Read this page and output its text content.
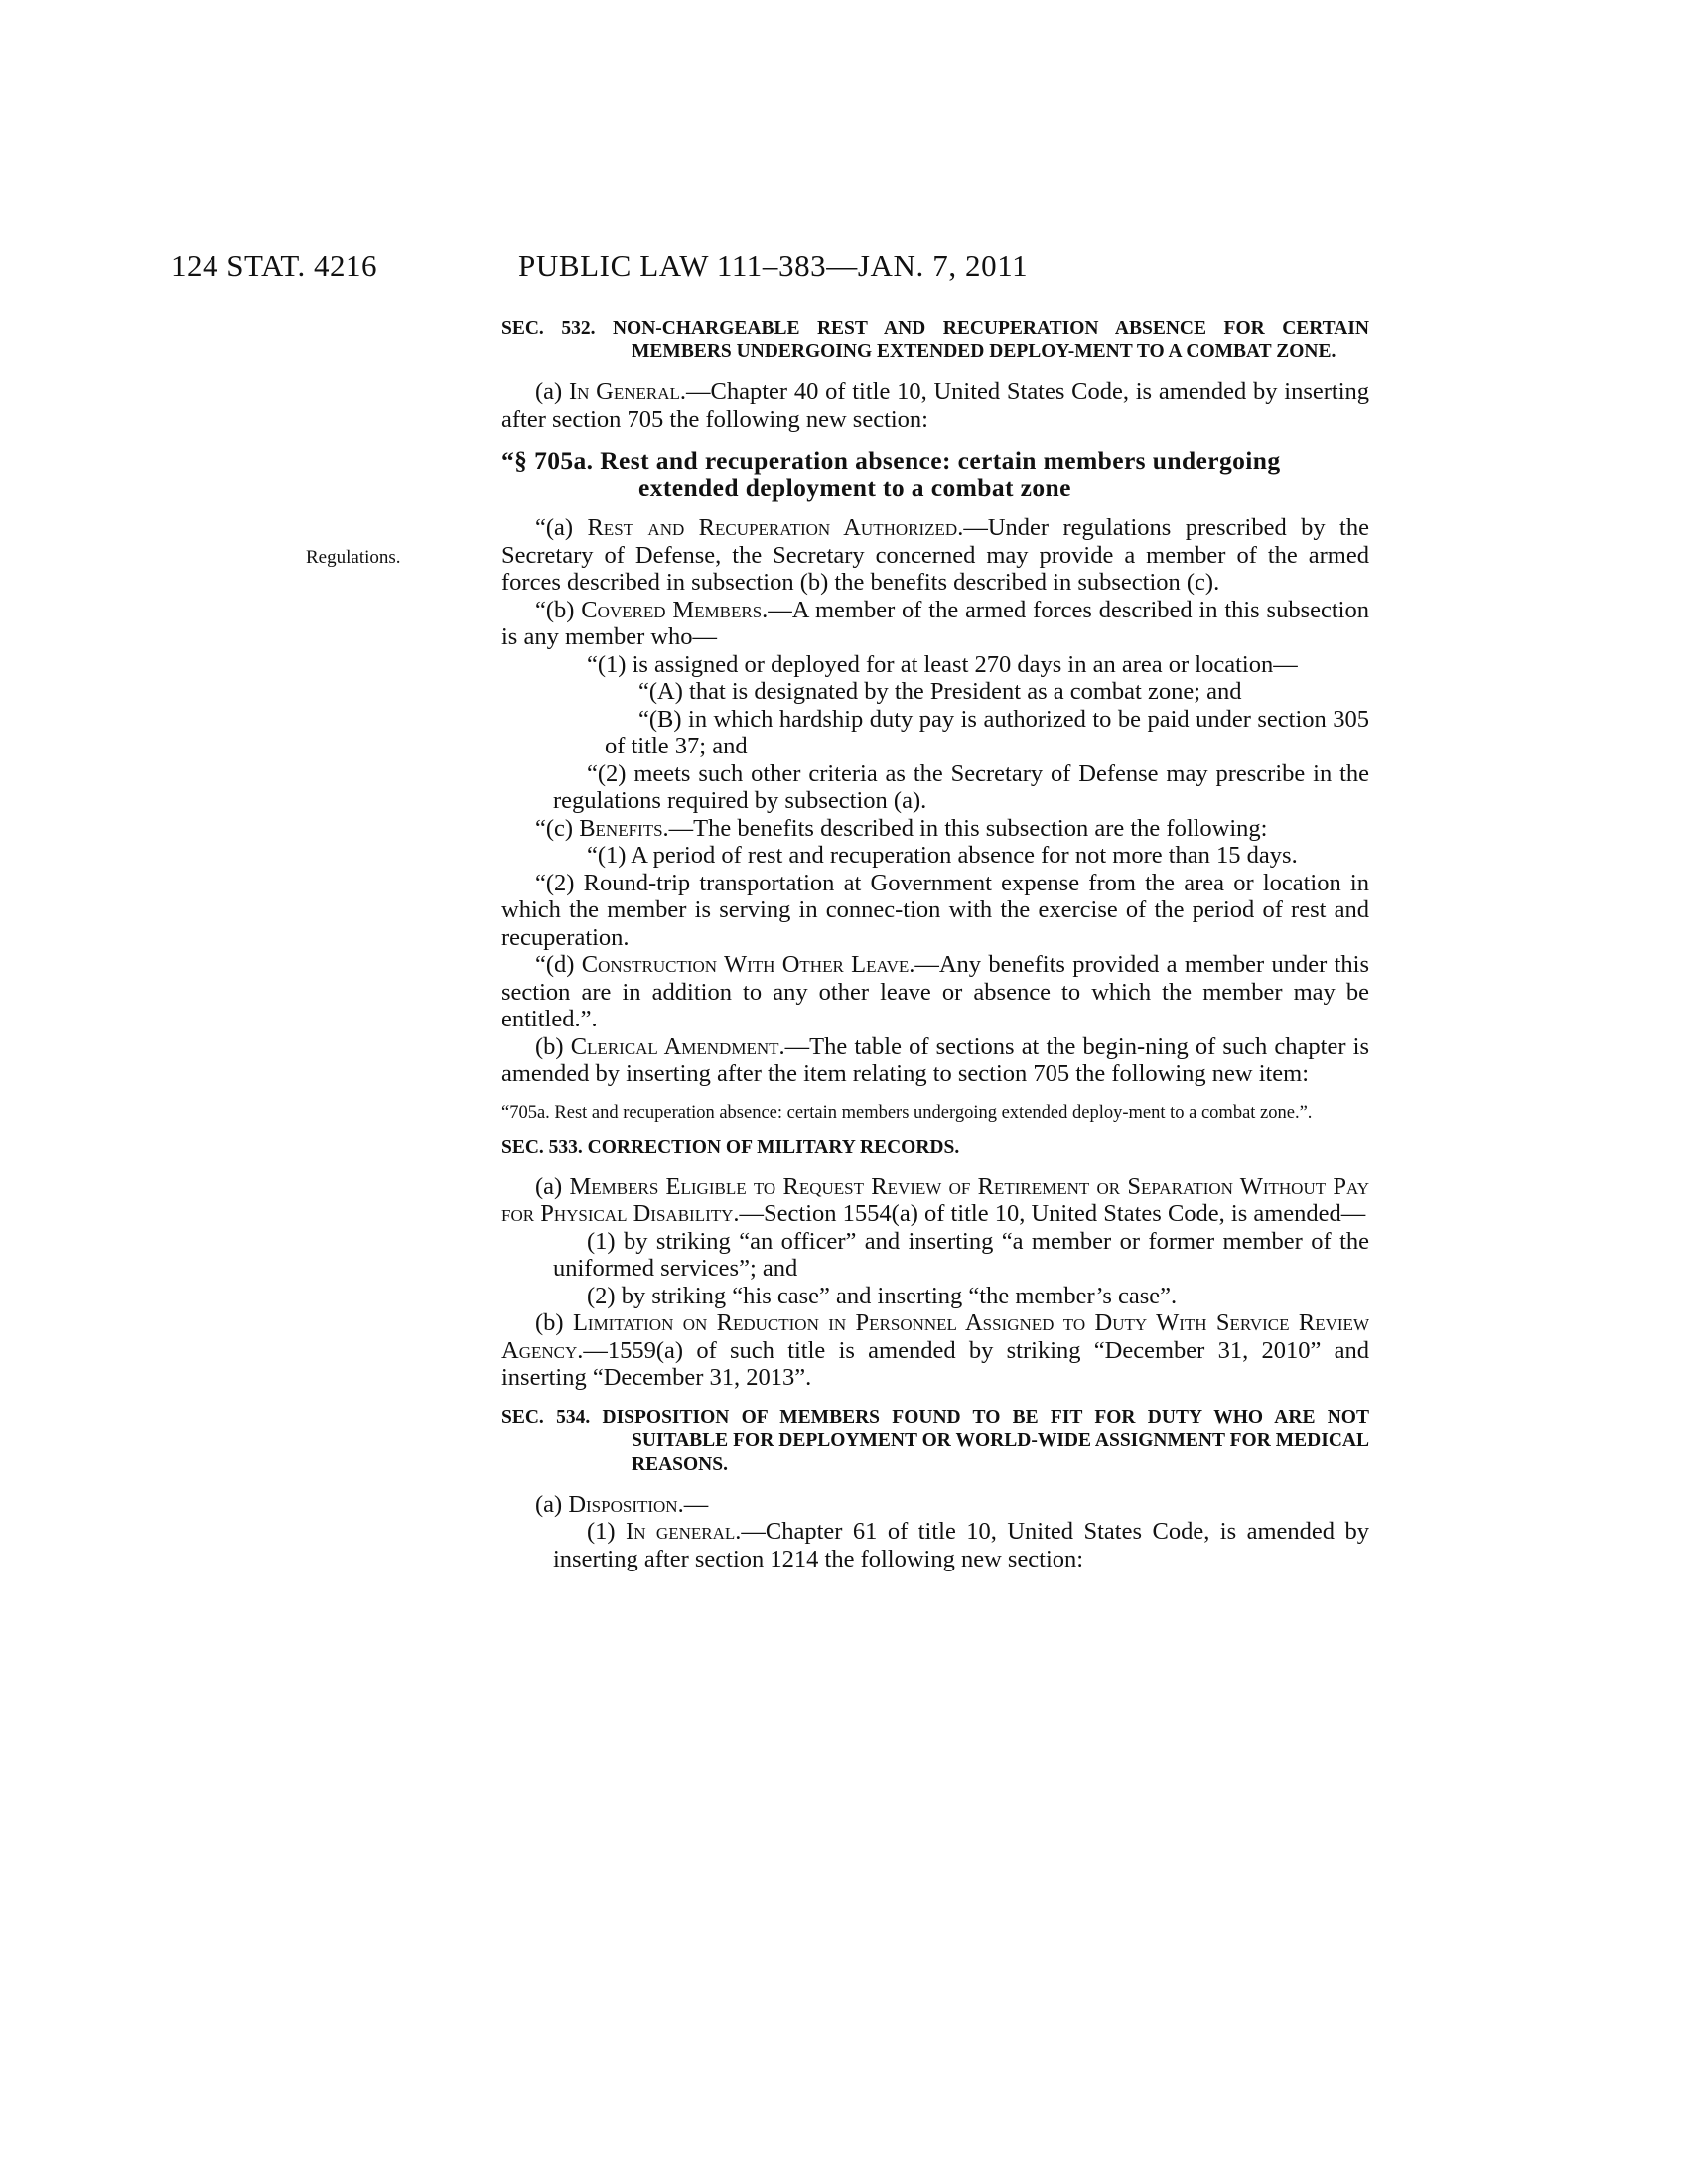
124 STAT. 4216	PUBLIC LAW 111–383—JAN. 7, 2011
Regulations.
SEC. 532. NON-CHARGEABLE REST AND RECUPERATION ABSENCE FOR CERTAIN MEMBERS UNDERGOING EXTENDED DEPLOY-MENT TO A COMBAT ZONE.

(a) In General.—Chapter 40 of title 10, United States Code, is amended by inserting after section 705 the following new section:

“§ 705a. Rest and recuperation absence: certain members undergoing extended deployment to a combat zone

“(a) Rest and Recuperation Authorized.—Under regulations prescribed by the Secretary of Defense, the Secretary concerned may provide a member of the armed forces described in subsection (b) the benefits described in subsection (c).

“(b) Covered Members.—A member of the armed forces described in this subsection is any member who—

“(1) is assigned or deployed for at least 270 days in an area or location—

“(A) that is designated by the President as a combat zone; and

“(B) in which hardship duty pay is authorized to be paid under section 305 of title 37; and

“(2) meets such other criteria as the Secretary of Defense may prescribe in the regulations required by subsection (a).

“(c) Benefits.—The benefits described in this subsection are the following:

“(1) A period of rest and recuperation absence for not more than 15 days.

“(2) Round-trip transportation at Government expense from the area or location in which the member is serving in connec-tion with the exercise of the period of rest and recuperation.

“(d) Construction With Other Leave.—Any benefits provided a member under this section are in addition to any other leave or absence to which the member may be entitled.”.

(b) Clerical Amendment.—The table of sections at the begin-ning of such chapter is amended by inserting after the item relating to section 705 the following new item:

“705a. Rest and recuperation absence: certain members undergoing extended deploy-ment to a combat zone.”.
SEC. 533. CORRECTION OF MILITARY RECORDS.

(a) Members Eligible to Request Review of Retirement or Separation Without Pay for Physical Disability.—Section 1554(a) of title 10, United States Code, is amended—

(1) by striking “an officer” and inserting “a member or former member of the uniformed services”; and

(2) by striking “his case” and inserting “the member’s case”.

(b) Limitation on Reduction in Personnel Assigned to Duty With Service Review Agency.—1559(a) of such title is amended by striking “December 31, 2010” and inserting “December 31, 2013”.

SEC. 534. DISPOSITION OF MEMBERS FOUND TO BE FIT FOR DUTY WHO ARE NOT SUITABLE FOR DEPLOYMENT OR WORLD-WIDE ASSIGNMENT FOR MEDICAL REASONS.

(a) Disposition.—

(1) In general.—Chapter 61 of title 10, United States Code, is amended by inserting after section 1214 the following new section:
